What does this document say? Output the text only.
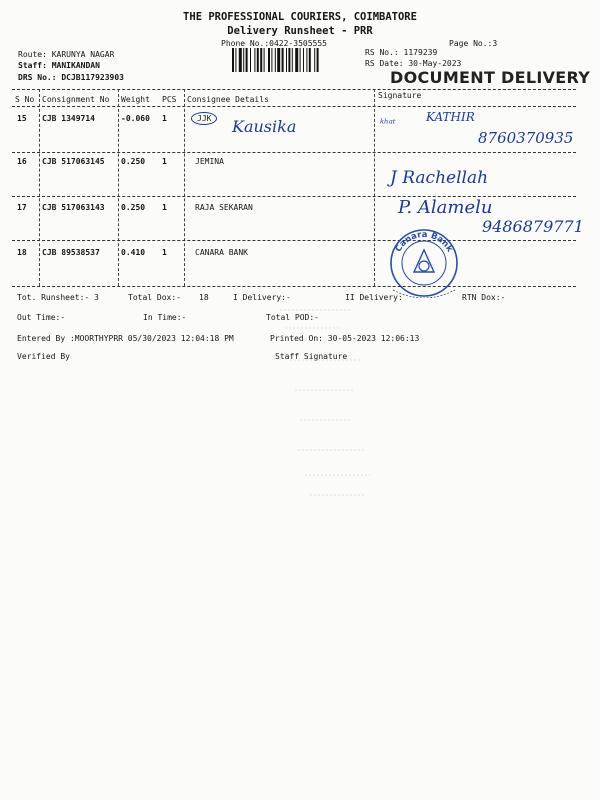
THE PROFESSIONAL COURIERS, COIMBATORE
Delivery Runsheet - PRR
Phone No.:0422-3505555	Page No.:3
Route: KARUNYA NAGAR
Staff: MANIKANDAN
DRS No.: DCJB117923903
RS No.: 1179239
RS Date: 30-May-2023
DOCUMENT DELIVERY
S No Consignment No Weight PCS Consignee Details	Signature
15 CJB 1349714	-0.060 1	JJK	Kausika	ᵏʰᵃᵗ	KATHIR
8760370935
16 CJB 517063145 0.250 1	JEMINA
J Rachellah
17 CJB 517063143 0.250 1	RAJA SEKARAN	P. Alamelu
9486879771
18 CJB 89538537	0.410 1	CANARA BANK	Canara Bank
Tot. Runsheet:- 3	Total Dox:- 18	I Delivery:-	II Delivery:	RTN Dox:-
Out Time:-	In Time:-	Total POD:-
Entered By :MOORTHYPRR 05/30/2023 12:04:18 PM	Printed On: 30-05-2023 12:06:13
Verified By	Staff Signature
